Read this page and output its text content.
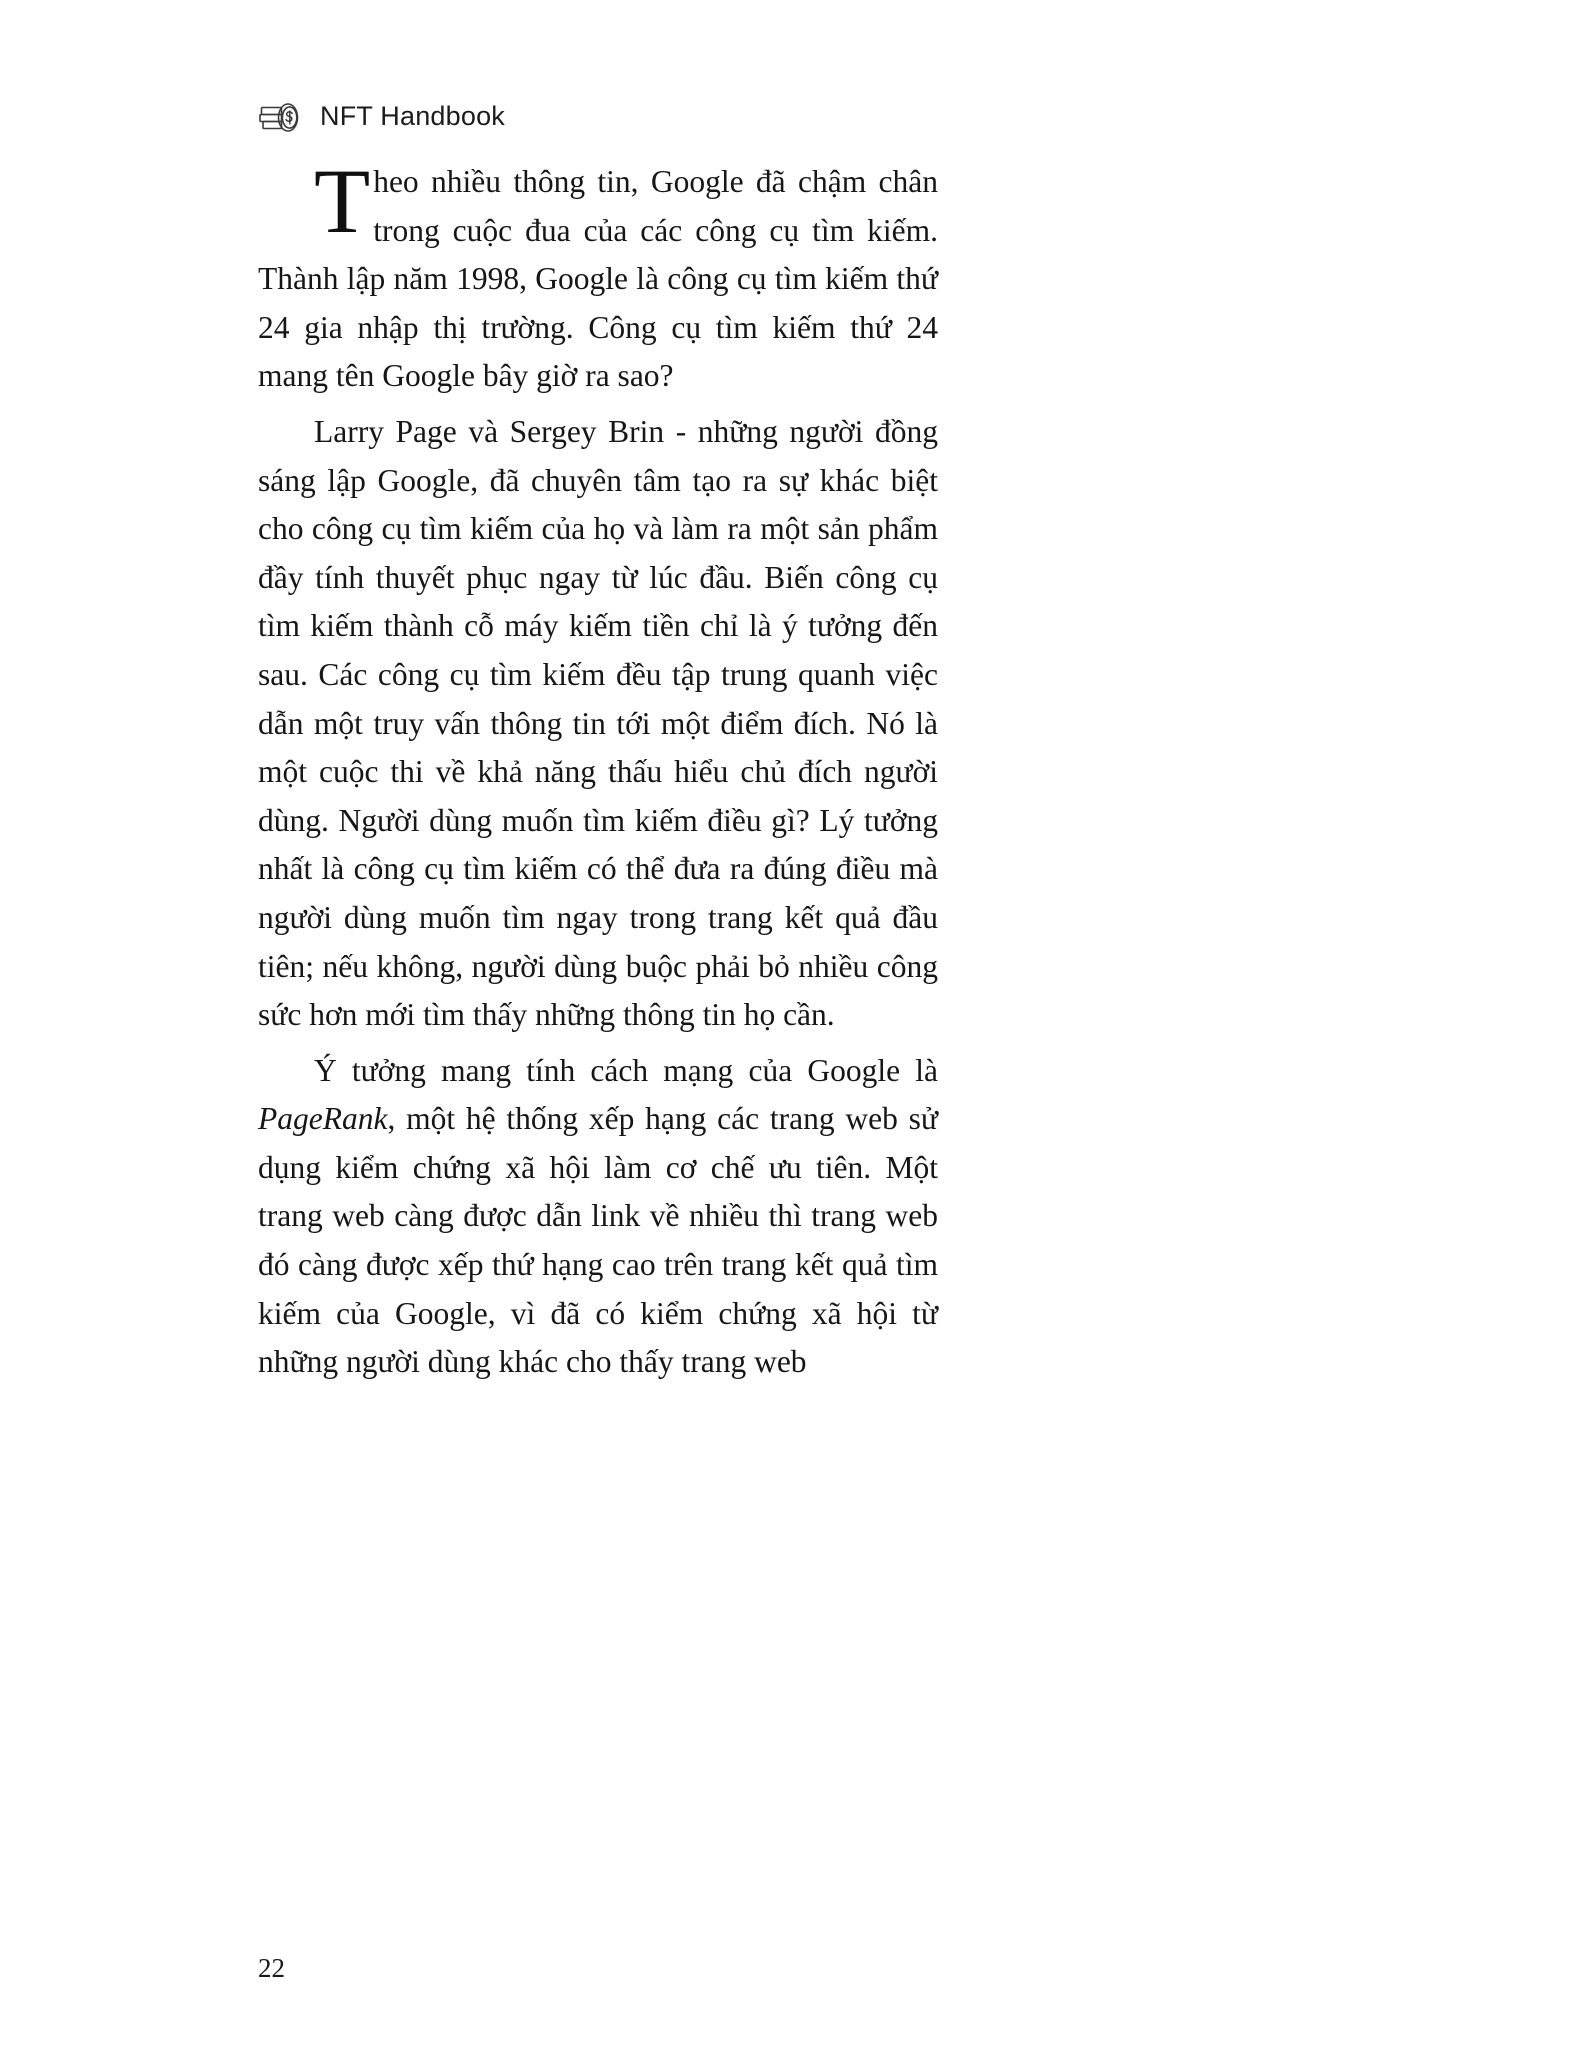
NFT Handbook

Theo nhiều thông tin, Google đã chậm chân trong cuộc đua của các công cụ tìm kiếm. Thành lập năm 1998, Google là công cụ tìm kiếm thứ 24 gia nhập thị trường. Công cụ tìm kiếm thứ 24 mang tên Google bây giờ ra sao?

Larry Page và Sergey Brin - những người đồng sáng lập Google, đã chuyên tâm tạo ra sự khác biệt cho công cụ tìm kiếm của họ và làm ra một sản phẩm đầy tính thuyết phục ngay từ lúc đầu. Biến công cụ tìm kiếm thành cỗ máy kiếm tiền chỉ là ý tưởng đến sau. Các công cụ tìm kiếm đều tập trung quanh việc dẫn một truy vấn thông tin tới một điểm đích. Nó là một cuộc thi về khả năng thấu hiểu chủ đích người dùng. Người dùng muốn tìm kiếm điều gì? Lý tưởng nhất là công cụ tìm kiếm có thể đưa ra đúng điều mà người dùng muốn tìm ngay trong trang kết quả đầu tiên; nếu không, người dùng buộc phải bỏ nhiều công sức hơn mới tìm thấy những thông tin họ cần.

Ý tưởng mang tính cách mạng của Google là PageRank, một hệ thống xếp hạng các trang web sử dụng kiểm chứng xã hội làm cơ chế ưu tiên. Một trang web càng được dẫn link về nhiều thì trang web đó càng được xếp thứ hạng cao trên trang kết quả tìm kiếm của Google, vì đã có kiểm chứng xã hội từ những người dùng khác cho thấy trang web

22
